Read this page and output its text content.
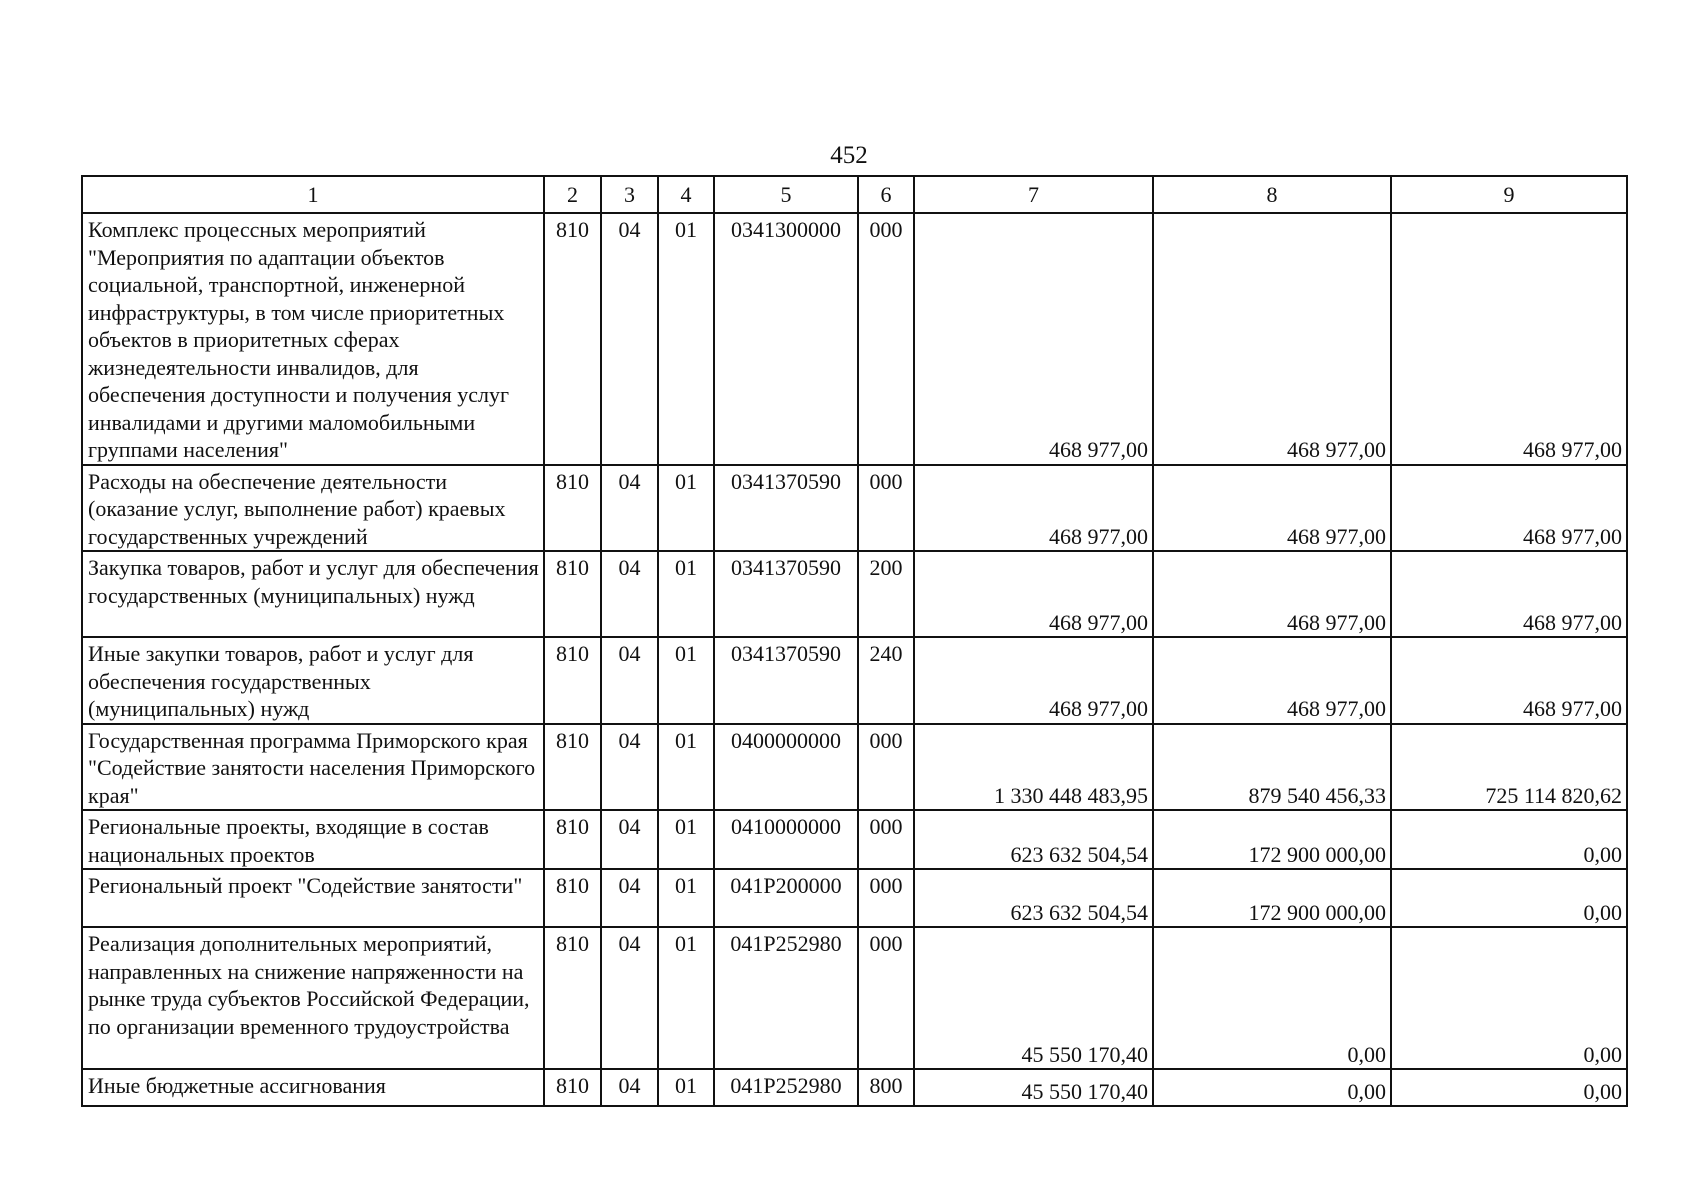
452
1	2	3	4	5	6	7	8	9
Комплекс процессных мероприятий "Мероприятия по адаптации объектов социальной, транспортной, инженерной инфраструктуры, в том числе приоритетных объектов в приоритетных сферах жизнедеятельности инвалидов, для обеспечения доступности и получения услуг инвалидами и другими маломобильными группами населения"	810	04	01	0341300000	000	468 977,00	468 977,00	468 977,00
Расходы на обеспечение деятельности (оказание услуг, выполнение работ) краевых государственных учреждений	810	04	01	0341370590	000	468 977,00	468 977,00	468 977,00
Закупка товаров, работ и услуг для обеспечения государственных (муниципальных) нужд	810	04	01	0341370590	200	468 977,00	468 977,00	468 977,00
Иные закупки товаров, работ и услуг для обеспечения государственных (муниципальных) нужд	810	04	01	0341370590	240	468 977,00	468 977,00	468 977,00
Государственная программа Приморского края "Содействие занятости населения Приморского края"	810	04	01	0400000000	000	1 330 448 483,95	879 540 456,33	725 114 820,62
Региональные проекты, входящие в состав национальных проектов	810	04	01	0410000000	000	623 632 504,54	172 900 000,00	0,00
Региональный проект "Содействие занятости"	810	04	01	041P200000	000	623 632 504,54	172 900 000,00	0,00
Реализация дополнительных мероприятий, направленных на снижение напряженности на рынке труда субъектов Российской Федерации, по организации временного трудоустройства	810	04	01	041P252980	000	45 550 170,40	0,00	0,00
Иные бюджетные ассигнования	810	04	01	041P252980	800	45 550 170,40	0,00	0,00
